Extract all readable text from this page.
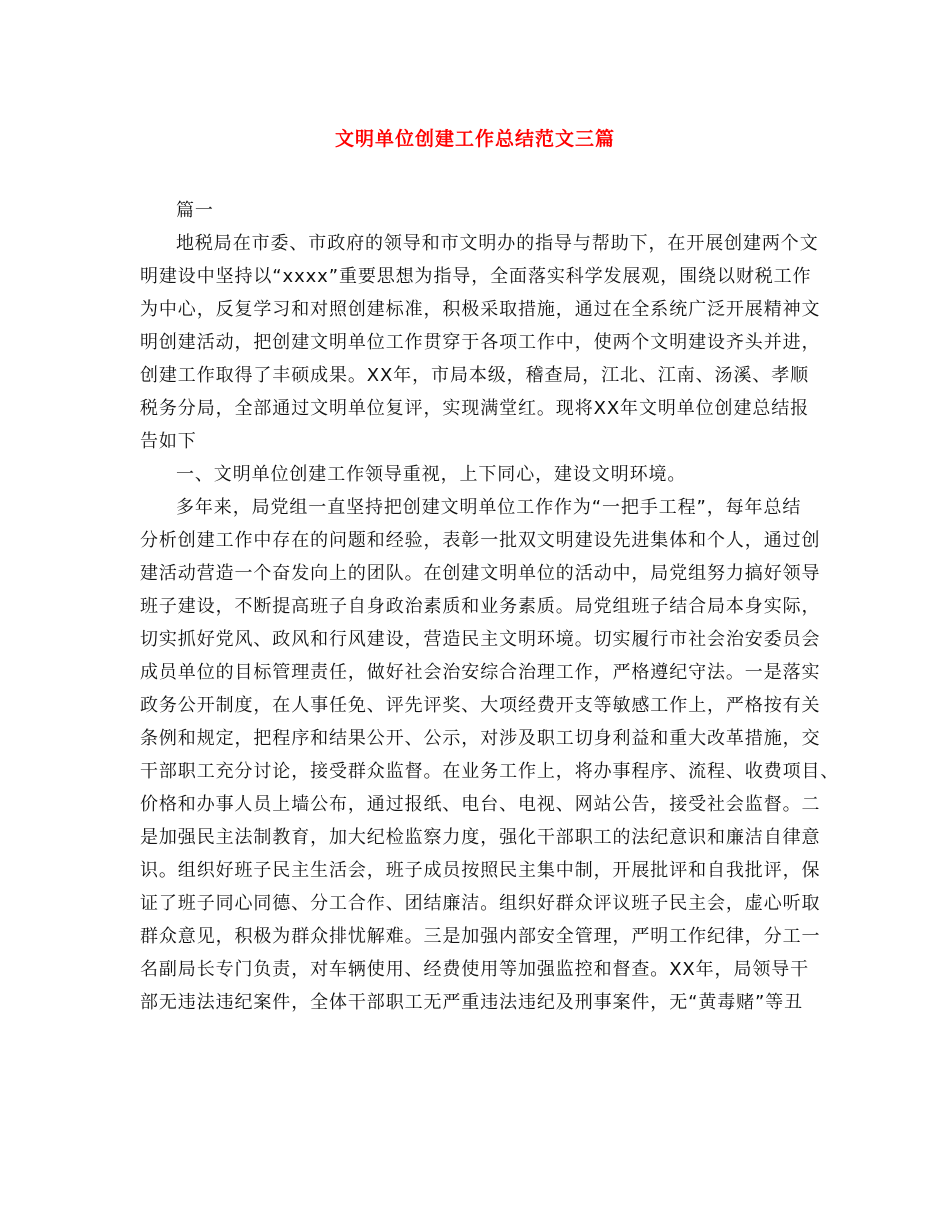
文明单位创建工作总结范文三篇
篇一
地税局在市委、市政府的领导和市文明办的指导与帮助下，在开展创建两个文
明建设中坚持以“xxxx”重要思想为指导，全面落实科学发展观，围绕以财税工作
为中心，反复学习和对照创建标准，积极采取措施，通过在全系统广泛开展精神文
明创建活动，把创建文明单位工作贯穿于各项工作中，使两个文明建设齐头并进，
创建工作取得了丰硕成果。XX年，市局本级，稽查局，江北、江南、汤溪、孝顺
税务分局，全部通过文明单位复评，实现满堂红。现将XX年文明单位创建总结报
告如下
一、文明单位创建工作领导重视，上下同心，建设文明环境。
多年来，局党组一直坚持把创建文明单位工作作为“一把手工程”，每年总结
分析创建工作中存在的问题和经验，表彰一批双文明建设先进集体和个人，通过创
建活动营造一个奋发向上的团队。在创建文明单位的活动中，局党组努力搞好领导
班子建设，不断提高班子自身政治素质和业务素质。局党组班子结合局本身实际，
切实抓好党风、政风和行风建设，营造民主文明环境。切实履行市社会治安委员会
成员单位的目标管理责任，做好社会治安综合治理工作，严格遵纪守法。一是落实
政务公开制度，在人事任免、评先评奖、大项经费开支等敏感工作上，严格按有关
条例和规定，把程序和结果公开、公示，对涉及职工切身利益和重大改革措施，交
干部职工充分讨论，接受群众监督。在业务工作上，将办事程序、流程、收费项目、
价格和办事人员上墙公布，通过报纸、电台、电视、网站公告，接受社会监督。二
是加强民主法制教育，加大纪检监察力度，强化干部职工的法纪意识和廉洁自律意
识。组织好班子民主生活会，班子成员按照民主集中制，开展批评和自我批评，保
证了班子同心同德、分工合作、团结廉洁。组织好群众评议班子民主会，虚心听取
群众意见，积极为群众排忧解难。三是加强内部安全管理，严明工作纪律，分工一
名副局长专门负责，对车辆使用、经费使用等加强监控和督查。XX年，局领导干
部无违法违纪案件，全体干部职工无严重违法违纪及刑事案件，无“黄毒赌”等丑
